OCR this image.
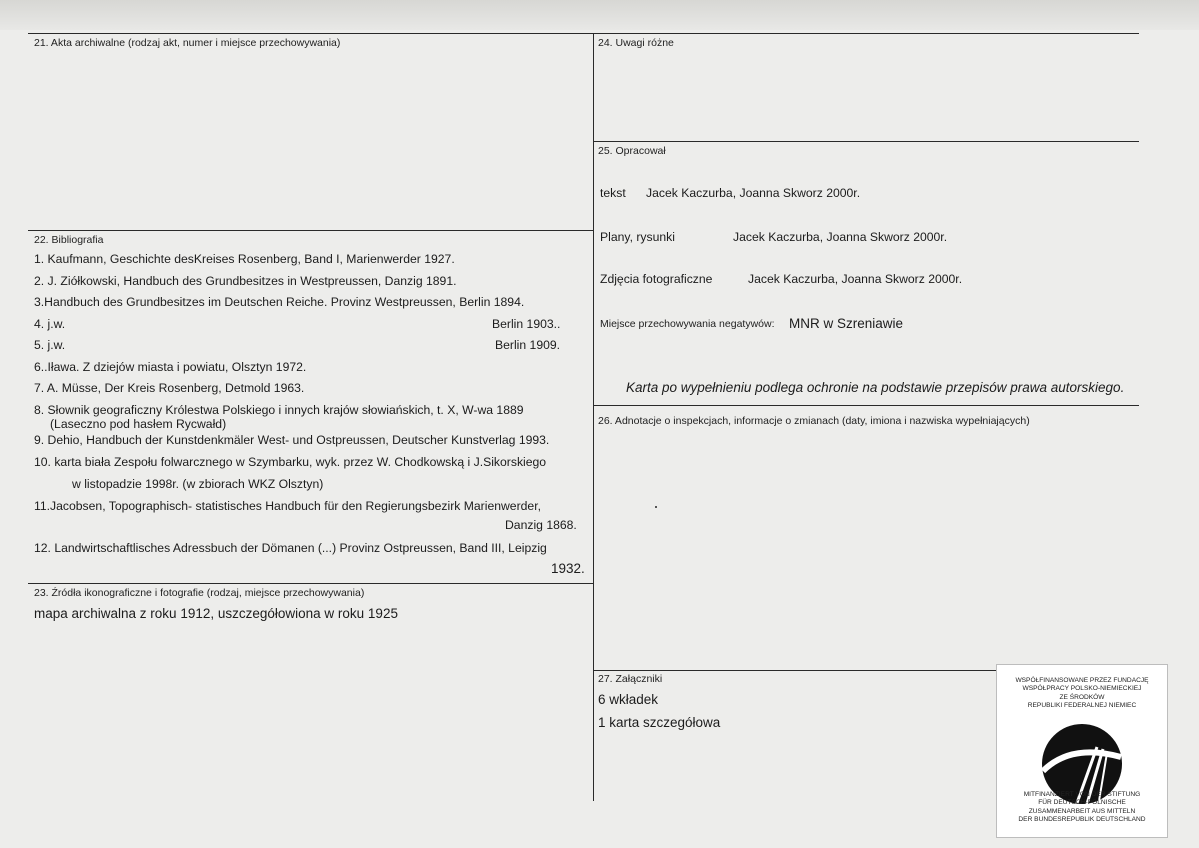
21. Akta archiwalne (rodzaj akt, numer i miejsce przechowywania)
22. Bibliografia
1. Kaufmann, Geschichte desKreises Rosenberg, Band I, Marienwerder 1927.
2. J. Ziółkowski, Handbuch des Grundbesitzes in Westpreussen, Danzig 1891.
3.Handbuch des Grundbesitzes im Deutschen Reiche. Provinz Westpreussen, Berlin 1894.
4. j.w.	Berlin 1903..
5. j.w.	Berlin 1909.
6..Iława. Z dziejów miasta i powiatu, Olsztyn 1972.
7. A. Müsse, Der Kreis Rosenberg, Detmold 1963.
8. Słownik geograficzny Królestwa Polskiego i innych krajów słowiańskich, t. X, W-wa 1889
(Laseczno pod hasłem Rycwałd)
9. Dehio, Handbuch der Kunstdenkmäler West- und Ostpreussen, Deutscher Kunstverlag 1993.
10. karta biała Zespołu folwarcznego w Szymbarku, wyk. przez W. Chodkowską i J.Sikorskiego
w listopadzie 1998r. (w zbiorach WKZ Olsztyn)
11.Jacobsen, Topographisch- statistisches Handbuch für den Regierungsbezirk Marienwerder,
Danzig 1868.
12. Landwirtschaftlisches Adressbuch der Dömanen (...) Provinz Ostpreussen, Band III, Leipzig
1932.
23. Źródła ikonograficzne i fotografie (rodzaj, miejsce przechowywania)
mapa archiwalna z roku 1912, uszczegółowiona w roku 1925
24. Uwagi różne
25. Opracował
tekst Jacek Kaczurba, Joanna Skworz 2000r.
Plany, rysunki	Jacek Kaczurba, Joanna Skworz 2000r.
Zdjęcia fotograficzne	Jacek Kaczurba, Joanna Skworz 2000r.
Miejsce przechowywania negatywów: MNR w Szreniawie
Karta po wypełnieniu podlega ochronie na podstawie przepisów prawa autorskiego.
26. Adnotacje o inspekcjach, informacje o zmianach (daty, imiona i nazwiska wypełniających)
27. Załączniki
6 wkładek
1 karta szczegółowa
WSPÓŁFINANSOWANE PRZEZ FUNDACJĘ
WSPÓŁPRACY POLSKO-NIEMIECKIEJ
ZE ŚRODKÓW
REPUBLIKI FEDERALNEJ NIEMIEC
MITFINANZIERT VON DER STIFTUNG
FÜR DEUTSCH-POLNISCHE
ZUSAMMENARBEIT AUS MITTELN
DER BUNDESREPUBLIK DEUTSCHLAND
